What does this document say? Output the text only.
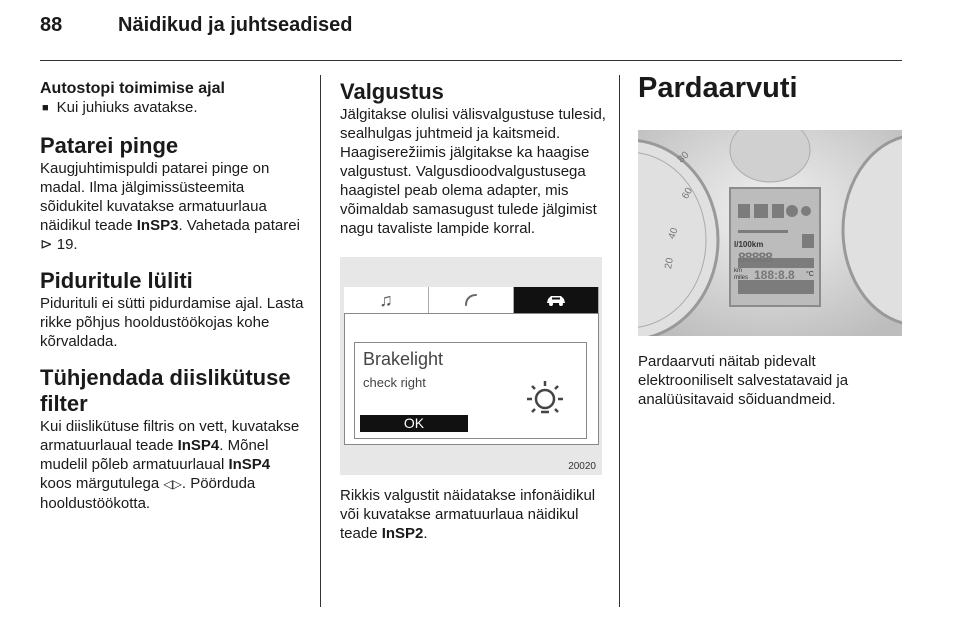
88	Näidikud ja juhtseadised

Autostopi toimimise ajal

■ Kui juhiuks avatakse.

Patarei pinge

Kaugjuhtimispuldi patarei pinge on madal. Ilma jälgimissüsteemita sõidukitel kuvatakse armatuurlaua näidikul teade InSP3. Vahetada patarei ⊳ 19.

Piduritule lüliti

Pidurituli ei sütti pidurdamise ajal. Lasta rikke põhjus hooldustöökojas kohe kõrvaldada.

Tühjendada diislikütuse filter

Kui diislikütuse filtris on vett, kuvatakse armatuurlaual teade InSP4. Mõnel mudelil põleb armatuurlaual InSP4 koos märgutulega ◁▷. Pöörduda hooldustöökotta.

Valgustus

Jälgitakse olulisi välisvalgustuse tulesid, sealhulgas juhtmeid ja kaitsmeid. Haagiserežiimis jälgitakse ka haagise valgustust. Valgusdioodvalgustusega haagistel peab olema adapter, mis võimaldab samasugust tulede jälgimist nagu tavaliste lampide korral.

♫
Brakelight
check right
OK
20020

Rikkis valgustit näidatakse infonäidikul või kuvatakse armatuurlaua näidikul teade InSP2.

Pardaarvuti

l/100km
88888
km
miles 188:8.8 °C
60
40
20
80

Pardaarvuti näitab pidevalt elektrooniliselt salvestatavaid ja analüüsitavaid sõiduandmeid.
